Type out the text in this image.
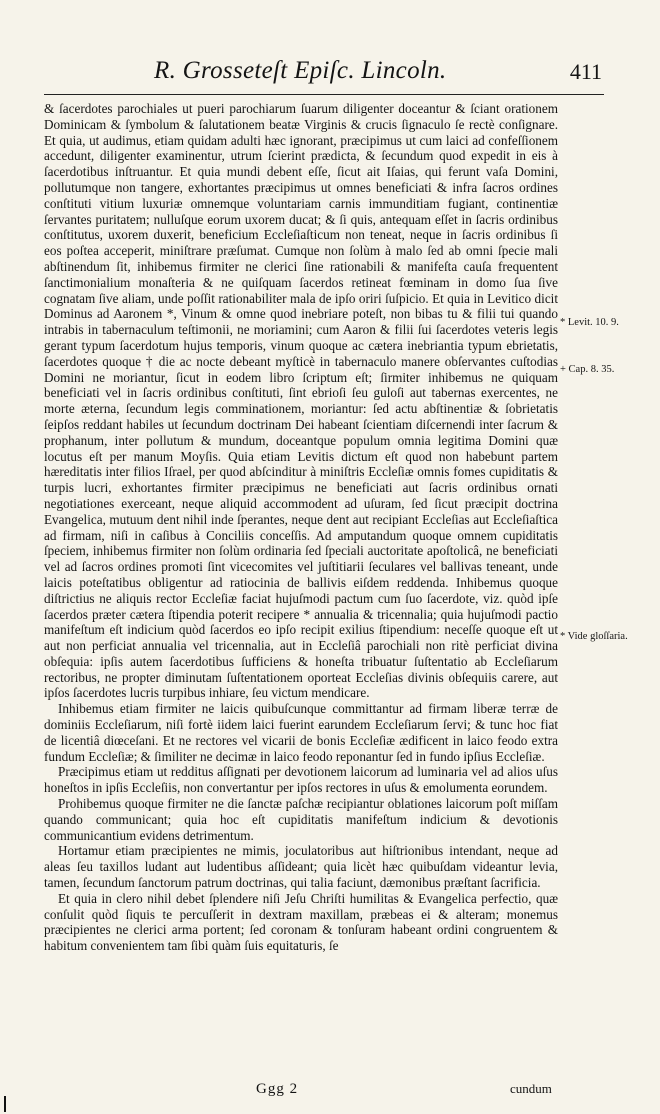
R. Grosseteſt Epiſc. Lincoln.	411

& ſacerdotes parochiales ut pueri parochiarum ſuarum diligenter doceantur & ſciant orationem Dominicam & ſymbolum & ſalutationem beatæ Virginis & crucis ſignaculo ſe rectè conſignare. Et quia, ut audimus, etiam quidam adulti hæc ignorant, præcipimus ut cum laici ad confeſſionem accedunt, diligenter examinentur, utrum ſcierint prædicta, & ſecundum quod expedit in eis à ſacerdotibus inſtruantur. Et quia mundi debent eſſe, ſicut ait Iſaias, qui ferunt vaſa Domini, pollutumque non tangere, exhortantes præcipimus ut omnes beneficiati & infra ſacros ordines conſtituti vitium luxuriæ omnemque voluntariam carnis immunditiam fugiant, continentiæ ſervantes puritatem; nulluſque eorum uxorem ducat; & ſi quis, antequam eſſet in ſacris ordinibus conſtitutus, uxorem duxerit, beneficium Eccleſiaſticum non teneat, neque in ſacris ordinibus ſi eos poſtea acceperit, miniſtrare præſumat. Cumque non ſolùm à malo ſed ab omni ſpecie mali abſtinendum ſit, inhibemus firmiter ne clerici ſine rationabili & manifeſta cauſa frequentent ſanctimonialium monaſteria & ne quiſquam ſacerdos retineat fœminam in domo ſua ſive cognatam ſive aliam, unde poſſit rationabiliter mala de ipſo oriri ſuſpicio. Et quia in Levitico dicit Dominus ad Aaronem *, Vinum & omne quod inebriare poteſt, non bibas tu & filii tui quando intrabis in tabernaculum teſtimonii, ne moriamini; cum Aaron & filii ſui ſacerdotes veteris legis gerant typum ſacerdotum hujus temporis, vinum quoque ac cætera inebriantia typum ebrietatis, ſacerdotes quoque † die ac nocte debeant myſticè in tabernaculo manere obſervantes cuſtodias Domini ne moriantur, ſicut in eodem libro ſcriptum eſt; ſirmiter inhibemus ne quiquam beneficiati vel in ſacris ordinibus conſtituti, ſint ebrioſi ſeu guloſi aut tabernas exercentes, ne morte æterna, ſecundum legis comminationem, moriantur: ſed actu abſtinentiæ & ſobrietatis ſeipſos reddant habiles ut ſecundum doctrinam Dei habeant ſcientiam diſcernendi inter ſacrum & prophanum, inter pollutum & mundum, doceantque populum omnia legitima Domini quæ locutus eſt per manum Moyſis. Quia etiam Levitis dictum eſt quod non habebunt partem hæreditatis inter filios Iſrael, per quod abſcinditur à miniſtris Eccleſiæ omnis fomes cupiditatis & turpis lucri, exhortantes firmiter præcipimus ne beneficiati aut ſacris ordinibus ornati negotiationes exerceant, neque aliquid accommodent ad uſuram, ſed ſicut præcipit doctrina Evangelica, mutuum dent nihil inde ſperantes, neque dent aut recipiant Eccleſias aut Eccleſiaſtica ad firmam, niſi in caſibus à Conciliis conceſſis. Ad amputandum quoque omnem cupiditatis ſpeciem, inhibemus firmiter non ſolùm ordinaria ſed ſpeciali auctoritate apoſtolicâ, ne beneficiati vel ad ſacros ordines promoti ſint vicecomites vel juſtitiarii ſeculares vel ballivas teneant, unde laicis poteſtatibus obligentur ad ratiocinia de ballivis eiſdem reddenda. Inhibemus quoque diſtrictius ne aliquis rector Eccleſiæ faciat hujuſmodi pactum cum ſuo ſacerdote, viz. quòd ipſe ſacerdos præter cætera ſtipendia poterit recipere * annualia & tricennalia; quia hujuſmodi pactio manifeſtum eſt indicium quòd ſacerdos eo ipſo recipit exilius ſtipendium: neceſſe quoque eſt ut aut non perficiat annualia vel tricennalia, aut in Eccleſiâ parochiali non ritè perficiat divina obſequia: ipſis autem ſacerdotibus ſufficiens & honeſta tribuatur ſuſtentatio ab Eccleſiarum rectoribus, ne propter diminutam ſuſtentationem oporteat Eccleſias divinis obſequiis carere, aut ipſos ſacerdotes lucris turpibus inhiare, ſeu victum mendicare.

Inhibemus etiam firmiter ne laicis quibuſcunque committantur ad firmam liberæ terræ de dominiis Eccleſiarum, niſi fortè iidem laici fuerint earundem Eccleſiarum ſervi; & tunc hoc fiat de licentiâ diœceſani. Et ne rectores vel vicarii de bonis Eccleſiæ ædificent in laico feodo extra fundum Eccleſiæ; & ſimiliter ne decimæ in laico feodo reponantur ſed in fundo ipſius Eccleſiæ.

Præcipimus etiam ut redditus aſſignati per devotionem laicorum ad luminaria vel ad alios uſus honeſtos in ipſis Eccleſiis, non convertantur per ipſos rectores in uſus & emolumenta eorundem.

Prohibemus quoque firmiter ne die ſanctæ paſchæ recipiantur oblationes laicorum poſt miſſam quando communicant; quia hoc eſt cupiditatis manifeſtum indicium & devotionis communicantium evidens detrimentum.

Hortamur etiam præcipientes ne mimis, joculatoribus aut hiſtrionibus intendant, neque ad aleas ſeu taxillos ludant aut ludentibus aſſideant; quia licèt hæc quibuſdam videantur levia, tamen, ſecundum ſanctorum patrum doctrinas, qui talia faciunt, dæmonibus præſtant ſacrificia.

Et quia in clero nihil debet ſplendere niſi Jeſu Chriſti humilitas & Evangelica perfectio, quæ conſulit quòd ſiquis te percuſſerit in dextram maxillam, præbeas ei & alteram; monemus præcipientes ne clerici arma portent; ſed coronam & tonſuram habeant ordini congruentem & habitum convenientem tam ſibi quàm ſuis equitaturis, ſe

* Levit. 10. 9.
+ Cap. 8. 35.
* Vide gloſſaria.
Ggg 2	cundum
